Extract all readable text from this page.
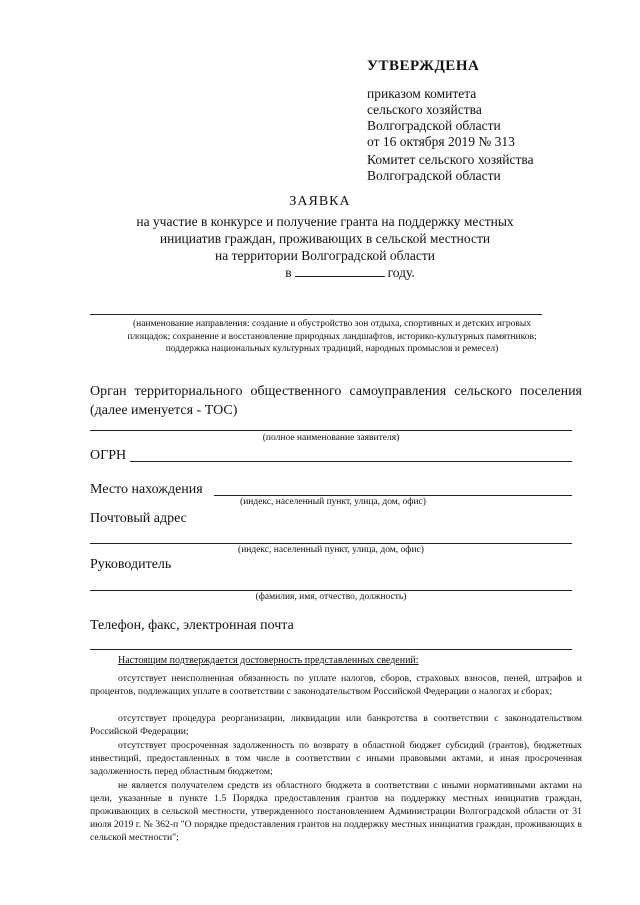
УТВЕРЖДЕНА
приказом комитета
сельского хозяйства
Волгоградской области
от 16 октября 2019 № 313
Комитет сельского хозяйства
Волгоградской области
ЗАЯВКА
на участие в конкурсе и получение гранта на поддержку местных
инициатив граждан, проживающих в сельской местности
на территории Волгоградской области
в	году.
(наименование направления: создание и обустройство зон отдыха, спортивных и детских игровых
площадок; сохранение и восстановление природных ландшафтов, историко-культурных памятников;
поддержка национальных культурных традиций, народных промыслов и ремесел)
Орган территориального общественного самоуправления сельского поселения (далее именуется - ТОС)
(полное наименование заявителя)
ОГРН
Место нахождения
(индекс, населенный пункт, улица, дом, офис)
Почтовый адрес
(индекс, населенный пункт, улица, дом, офис)
Руководитель
(фамилия, имя, отчество, должность)
Телефон, факс, электронная почта
Настоящим подтверждается достоверность представленных сведений:
отсутствует неисполненная обязанность по уплате налогов, сборов, страховых взносов, пеней, штрафов и процентов, подлежащих уплате в соответствии с законодательством Российской Федерации о налогах и сборах;
отсутствует процедура реорганизации, ликвидации или банкротства в соответствии с законодательством Российской Федерации;
отсутствует просроченная задолженность по возврату в областной бюджет субсидий (грантов), бюджетных инвестиций, предоставленных в том числе в соответствии с иными правовыми актами, и иная просроченная задолженность перед областным бюджетом;
не является получателем средств из областного бюджета в соответствии с иными нормативными актами на цели, указанные в пункте 1.5 Порядка предоставления грантов на поддержку местных инициатив граждан, проживающих в сельской местности, утвержденного постановлением Администрации Волгоградской области от 31 июля 2019 г. № 362-п "О порядке предоставления грантов на поддержку местных инициатив граждан, проживающих в сельской местности";
